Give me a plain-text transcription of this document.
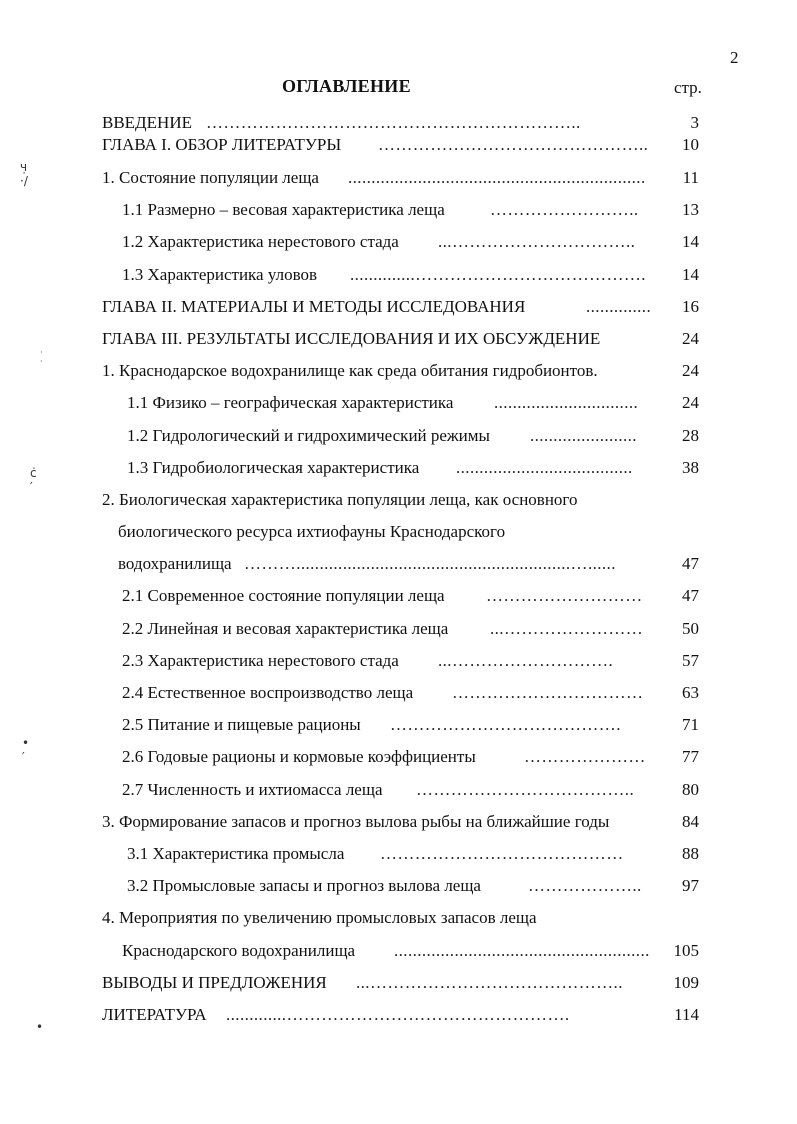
2
ОГЛАВЛЕНИЕ	стр.
ч̣ ·/
· ·
ċ ′
• ′
•
ВВЕДЕНИЕ ………………………………………………………..	3
ГЛАВА I. ОБЗОР ЛИТЕРАТУРЫ ………………………………………..	10
1. Состояние популяции леща ................................................................	11
1.1 Размерно – весовая характеристика леща	……………………..	13
1.2 Характеристика нерестового стада ...…………………………..	14
1.3 Характеристика уловов ..............………………………………….	14
ГЛАВА II. МАТЕРИАЛЫ И МЕТОДЫ ИССЛЕДОВАНИЯ	.............. 16
ГЛАВА III. РЕЗУЛЬТАТЫ ИССЛЕДОВАНИЯ И ИХ ОБСУЖДЕНИЕ	24
1. Краснодарское водохранилище как среда обитания гидробионтов.	24
1.1 Физико – географическая характеристика ...............................	24
1.2 Гидрологический и гидрохимический режимы .......................	28
1.3 Гидробиологическая характеристика ......................................	38
2. Биологическая характеристика популяции леща, как основного
биологического ресурса ихтиофауны Краснодарского
водохранилища ………...........................................................…......	47
2.1 Современное состояние популяции леща ………………………	47
2.2 Линейная и весовая характеристика леща ...……………………	50
2.3 Характеристика нерестового стада ...……………………….	57
2.4 Естественное воспроизводство леща ……………………………	63
2.5 Питание и пищевые рационы ………………………………….	71
2.6 Годовые рационы и кормовые коэффициенты	…………………	77
2.7 Численность и ихтиомасса леща ………………………………..	80
3. Формирование запасов и прогноз вылова рыбы на ближайшие годы	84
3.1 Характеристика промысла ……………………………………	88
3.2 Промысловые запасы и прогноз вылова леща	………………..	97
4. Мероприятия по увеличению промысловых запасов леща
Краснодарского водохранилища ....................................................... 105
ВЫВОДЫ И ПРЕДЛОЖЕНИЯ ...……………………………………..	109
ЛИТЕРАТУРА .............………………………………………….	114
